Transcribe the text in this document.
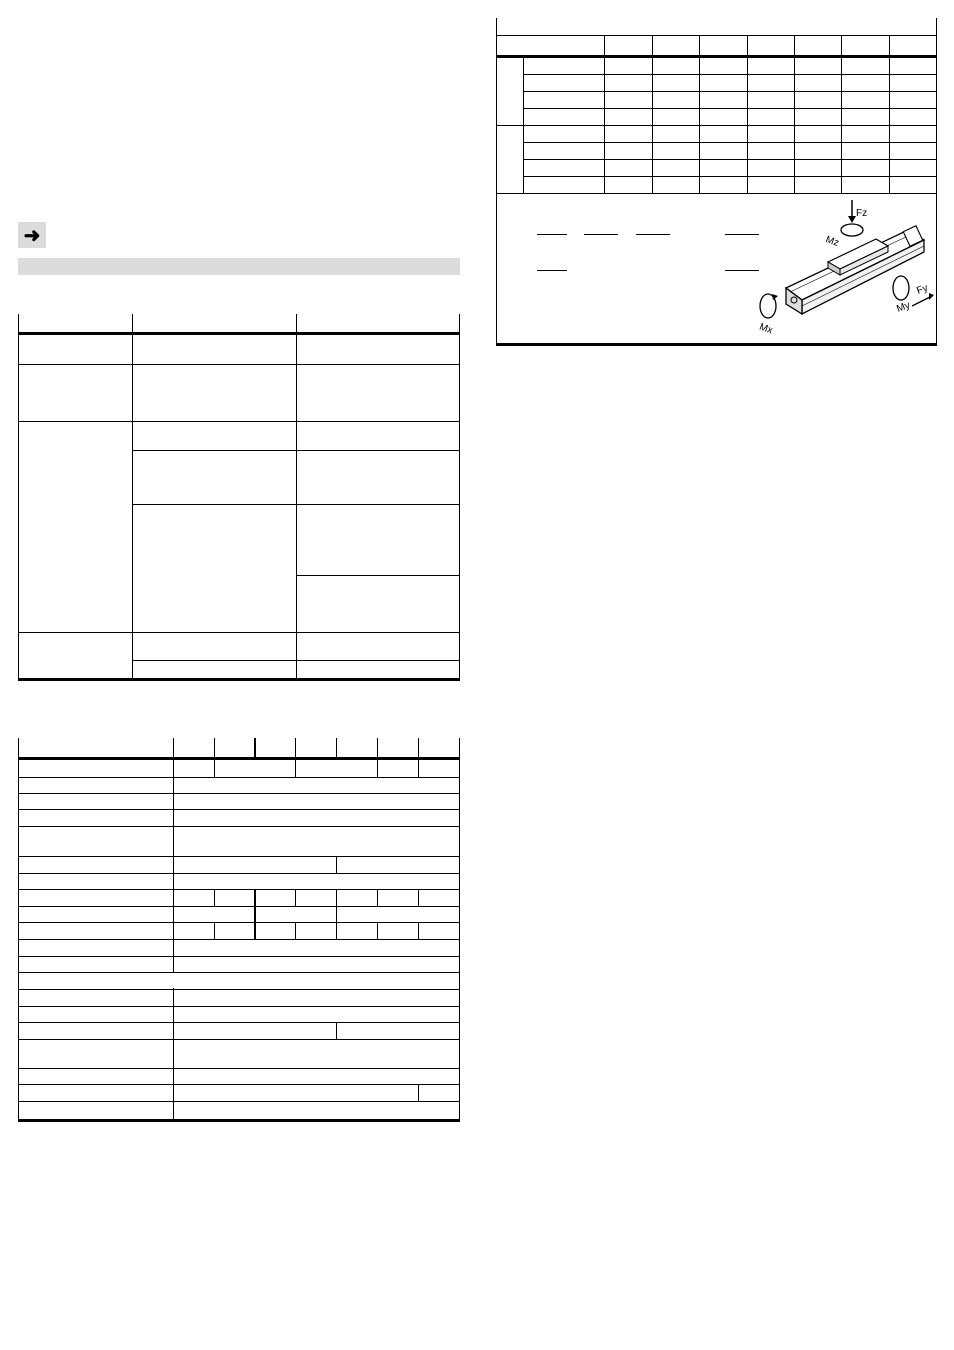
➜
Fz
Mz
My
Fy
Mx
